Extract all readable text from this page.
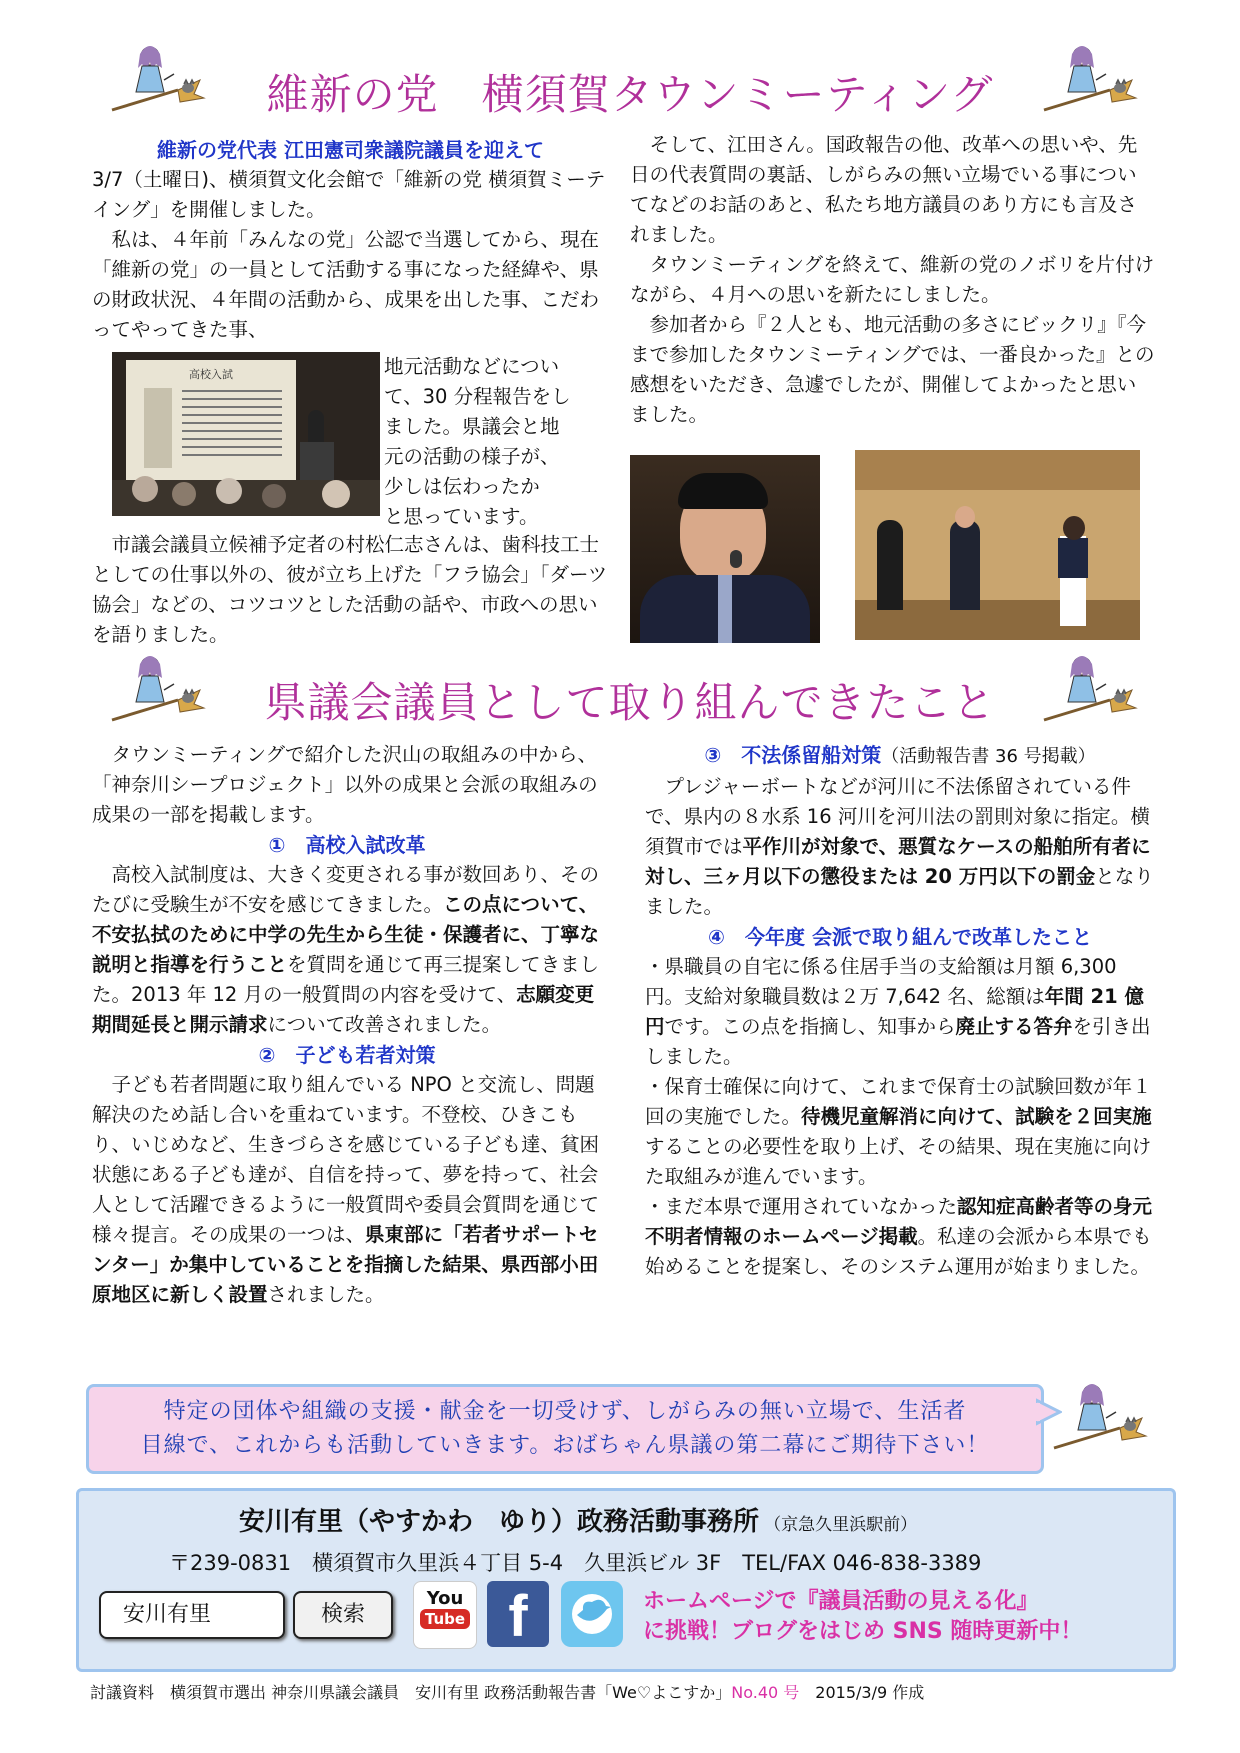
維新の党　横須賀タウンミーティング

維新の党代表 江田憲司衆議院議員を迎えて

3/7（土曜日)、横須賀文化会館で「維新の党 横須賀ミーテイング」を開催しました。

私は、４年前「みんなの党」公認で当選してから、現在「維新の党」の一員として活動する事になった経緯や、県の財政状況、４年間の活動から、成果を出した事、こだわってやってきた事、

高校入試	地元活動などについ

て、30 分程報告をし

ました。県議会と地

元の活動の様子が、

少しは伝わったか

と思っています。

市議会議員立候補予定者の村松仁志さんは、歯科技工士としての仕事以外の、彼が立ち上げた「フラ協会」「ダーツ協会」などの、コツコツとした活動の話や、市政への思いを語りました。

そして、江田さん。国政報告の他、改革への思いや、先日の代表質問の裏話、しがらみの無い立場でいる事についてなどのお話のあと、私たち地方議員のあり方にも言及されました。

タウンミーティングを終えて、維新の党のノボリを片付けながら、４月への思いを新たにしました。

参加者から『２人とも、地元活動の多さにビックリ』『今まで参加したタウンミーティングでは、一番良かった』との感想をいただき、急遽でしたが、開催してよかったと思いました。

県議会議員として取り組んできたこと

タウンミーティングで紹介した沢山の取組みの中から、「神奈川シープロジェクト」以外の成果と会派の取組みの成果の一部を掲載します。

①　高校入試改革

高校入試制度は、大きく変更される事が数回あり、そのたびに受験生が不安を感じてきました。この点について、不安払拭のために中学の先生から生徒・保護者に、丁寧な説明と指導を行うことを質問を通じて再三提案してきました。2013 年 12 月の一般質問の内容を受けて、志願変更期間延長と開示請求について改善されました。

②　子ども若者対策

子ども若者問題に取り組んでいる NPO と交流し、問題解決のため話し合いを重ねています。不登校、ひきこもり、いじめなど、生きづらさを感じている子ども達、貧困状態にある子ども達が、自信を持って、夢を持って、社会人として活躍できるように一般質問や委員会質問を通じて様々提言。その成果の一つは、県東部に「若者サポートセンター」か集中していることを指摘した結果、県西部小田原地区に新しく設置されました。

③　不法係留船対策（活動報告書 36 号掲載）

プレジャーボートなどが河川に不法係留されている件で、県内の８水系 16 河川を河川法の罰則対象に指定。横須賀市では平作川が対象で、悪質なケースの船舶所有者に対し、三ヶ月以下の懲役または 20 万円以下の罰金となりました。

④　今年度 会派で取り組んで改革したこと

・県職員の自宅に係る住居手当の支給額は月額 6,300 円。支給対象職員数は２万 7,642 名、総額は年間 21 億円です。この点を指摘し、知事から廃止する答弁を引き出しました。

・保育士確保に向けて、これまで保育士の試験回数が年１回の実施でした。待機児童解消に向けて、試験を２回実施することの必要性を取り上げ、その結果、現在実施に向けた取組みが進んでいます。

・まだ本県で運用されていなかった認知症高齢者等の身元不明者情報のホームページ掲載。私達の会派から本県でも始めることを提案し、そのシステム運用が始まりました。

特定の団体や組織の支援・献金を一切受けず、しがらみの無い立場で、生活者
目線で、これからも活動していきます。おばちゃん県議の第二幕にご期待下さい！
安川有里（やすかわ　ゆり）政務活動事務所 （京急久里浜駅前）
〒239-0831　横須賀市久里浜４丁目 5-4　久里浜ビル 3F　TEL/FAX 046-838-3389
安川有里	検索
You
Tube f	ホームページで『議員活動の見える化』
に挑戦！ブログをはじめ SNS 随時更新中！
討議資料　横須賀市選出 神奈川県議会議員　安川有里 政務活動報告書「We♡よこすか」No.40 号　 2015/3/9 作成
